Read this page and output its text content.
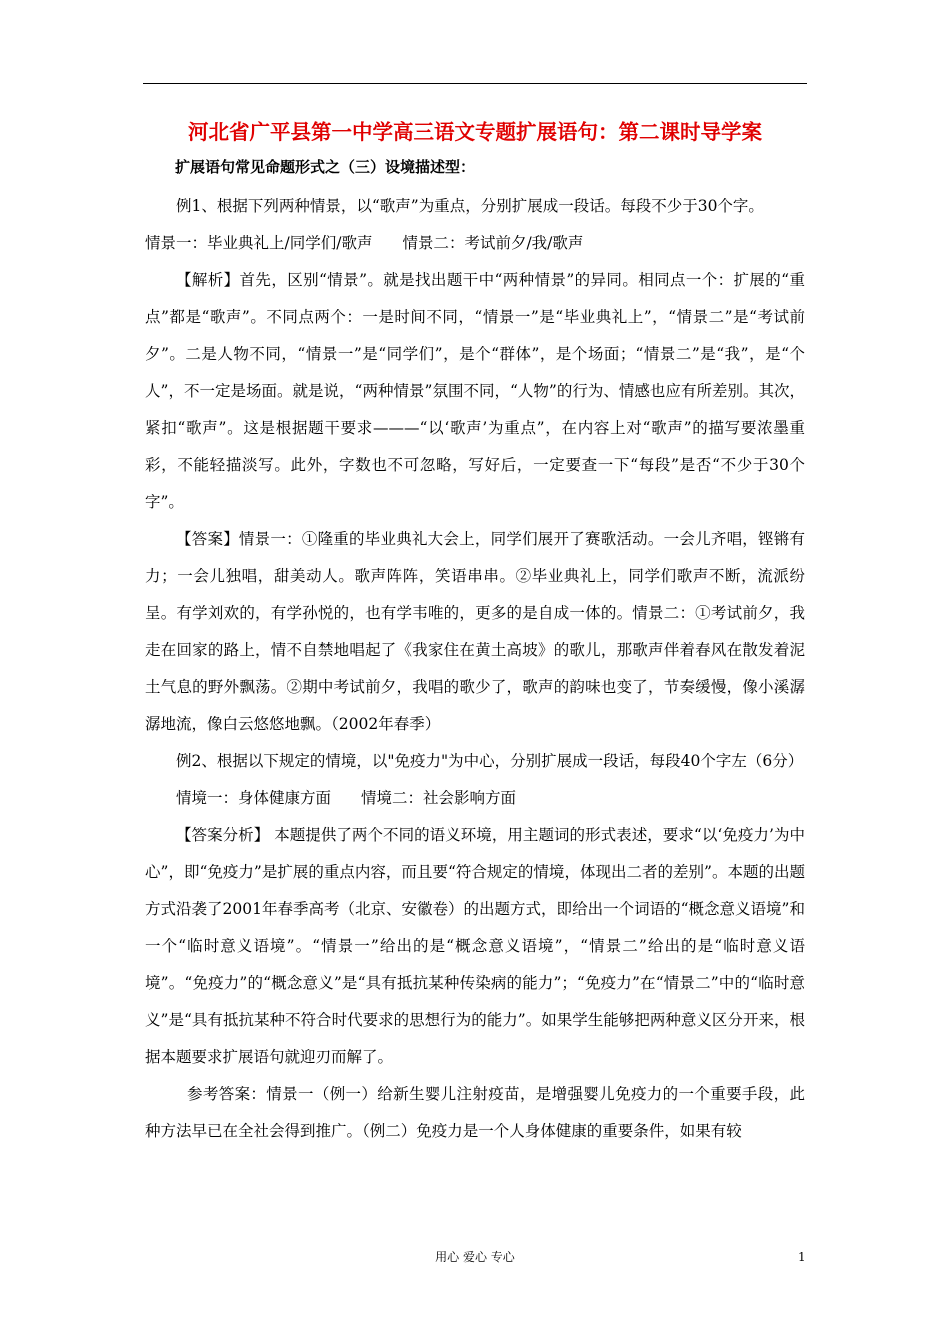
河北省广平县第一中学高三语文专题扩展语句：第二课时导学案
扩展语句常见命题形式之（三）设境描述型：

例1、根据下列两种情景，以“歌声”为重点，分别扩展成一段话。每段不少于30个字。

情景一：毕业典礼上/同学们/歌声 情景二：考试前夕/我/歌声

【解析】首先，区别“情景”。就是找出题干中“两种情景”的异同。相同点一个：扩展的“重点”都是“歌声”。不同点两个：一是时间不同，“情景一”是“毕业典礼上”，“情景二”是“考试前夕”。二是人物不同，“情景一”是“同学们”，是个“群体”，是个场面；“情景二”是“我”，是“个人”，不一定是场面。就是说，“两种情景”氛围不同，“人物”的行为、情感也应有所差别。其次，紧扣“歌声”。这是根据题干要求———“以‘歌声’为重点”，在内容上对“歌声”的描写要浓墨重彩，不能轻描淡写。此外，字数也不可忽略，写好后，一定要查一下“每段”是否“不少于30个字”。

【答案】情景一：①隆重的毕业典礼大会上，同学们展开了赛歌活动。一会儿齐唱，铿锵有力；一会儿独唱，甜美动人。歌声阵阵，笑语串串。②毕业典礼上，同学们歌声不断，流派纷呈。有学刘欢的，有学孙悦的，也有学韦唯的，更多的是自成一体的。情景二：①考试前夕，我走在回家的路上，情不自禁地唱起了《我家住在黄土高坡》的歌儿，那歌声伴着春风在散发着泥土气息的野外飘荡。②期中考试前夕，我唱的歌少了，歌声的韵味也变了，节奏缓慢，像小溪潺潺地流，像白云悠悠地飘。（2002年春季）

例2、根据以下规定的情境，以"免疫力"为中心，分别扩展成一段话，每段40个字左（6分）

情境一：身体健康方面 情境二：社会影响方面

【答案分析】 本题提供了两个不同的语义环境，用主题词的形式表述，要求“以‘免疫力’为中心”，即“免疫力”是扩展的重点内容，而且要“符合规定的情境，体现出二者的差别”。本题的出题方式沿袭了2001年春季高考（北京、安徽卷）的出题方式，即给出一个词语的“概念意义语境”和一个“临时意义语境”。“情景一”给出的是“概念意义语境”，“情景二”给出的是“临时意义语境”。“免疫力”的“概念意义”是“具有抵抗某种传染病的能力”；“免疫力”在“情景二”中的“临时意义”是“具有抵抗某种不符合时代要求的思想行为的能力”。如果学生能够把两种意义区分开来，根据本题要求扩展语句就迎刃而解了。

参考答案：情景一（例一）给新生婴儿注射疫苗，是增强婴儿免疫力的一个重要手段，此种方法早已在全社会得到推广。（例二）免疫力是一个人身体健康的重要条件，如果有较

用心 爱心 专心	1
